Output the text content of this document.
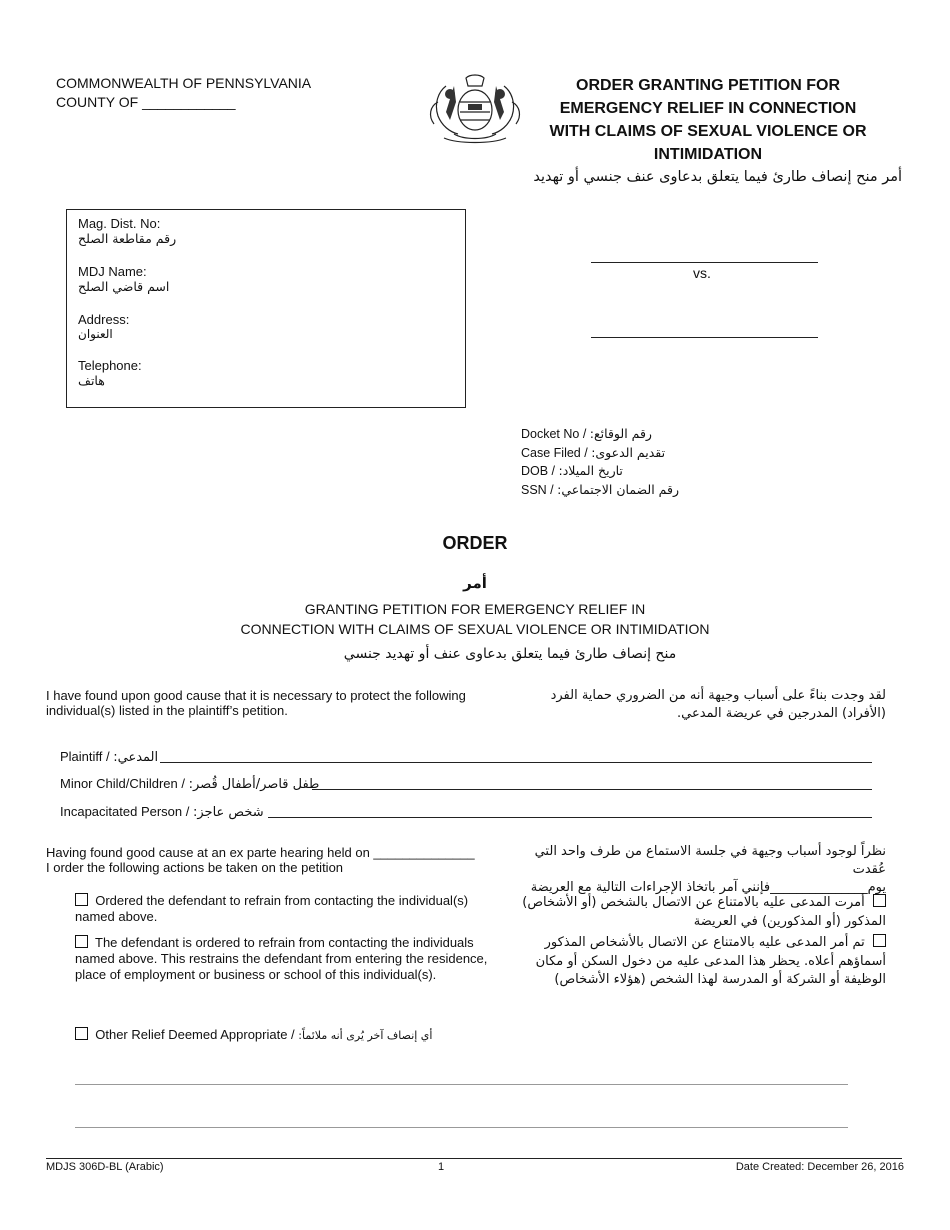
COMMONWEALTH OF PENNSYLVANIA
COUNTY OF ____________
ORDER GRANTING PETITION FOR
EMERGENCY RELIEF IN CONNECTION
WITH CLAIMS OF SEXUAL VIOLENCE OR
INTIMIDATION
أمر منح إنصاف طارئ فيما يتعلق بدعاوى عنف جنسي أو تهديد
Mag. Dist. No:
رقم مقاطعة الصلح
MDJ Name:
اسم قاضي الصلح
Address:
العنوان
Telephone:
هاتف
vs.
Docket No / رقم الوقائع:
Case Filed / تقديم الدعوى:
DOB / تاريخ الميلاد:
SSN / رقم الضمان الاجتماعي:
ORDER
أمر
GRANTING PETITION FOR EMERGENCY RELIEF IN
CONNECTION WITH CLAIMS OF SEXUAL VIOLENCE OR INTIMIDATION
منح إنصاف طارئ فيما يتعلق بدعاوى عنف أو تهديد جنسي
I have found upon good cause that it is necessary to protect the following individual(s) listed in the plaintiff’s petition.
لقد وجدت بناءً على أسباب وجيهة أنه من الضروري حماية الفرد (الأفراد) المدرجين في عريضة المدعي.
Plaintiff / المدعي:
Minor Child/Children / طفل قاصر/أطفال قُصر:
Incapacitated Person / شخص عاجز:
Having found good cause at an ex parte hearing held on ______________
I order the following actions be taken on the petition
نظراً لوجود أسباب وجيهة في جلسة الاستماع من طرف واحد التي عُقدت
يوم_______________فإنني آمر باتخاذ الإجراءات التالية مع العريضة
Ordered the defendant to refrain from contacting the individual(s) named above.
أمرت المدعى عليه بالامتناع عن الاتصال بالشخص (أو الأشخاص) المذكور (أو المذكورين) في العريضة
The defendant is ordered to refrain from contacting the individuals named above. This restrains the defendant from entering the residence, place of employment or business or school of this individual(s).
تم أمر المدعى عليه بالامتناع عن الاتصال بالأشخاص المذكور أسماؤهم أعلاه. يحظر هذا المدعى عليه من دخول السكن أو مكان الوظيفة أو الشركة أو المدرسة لهذا الشخص (هؤلاء الأشخاص)
Other Relief Deemed Appropriate / أي إنصاف آخر يُرى أنه ملائماً:
MDJS 306D-BL (Arabic)	1	Date Created: December 26, 2016
